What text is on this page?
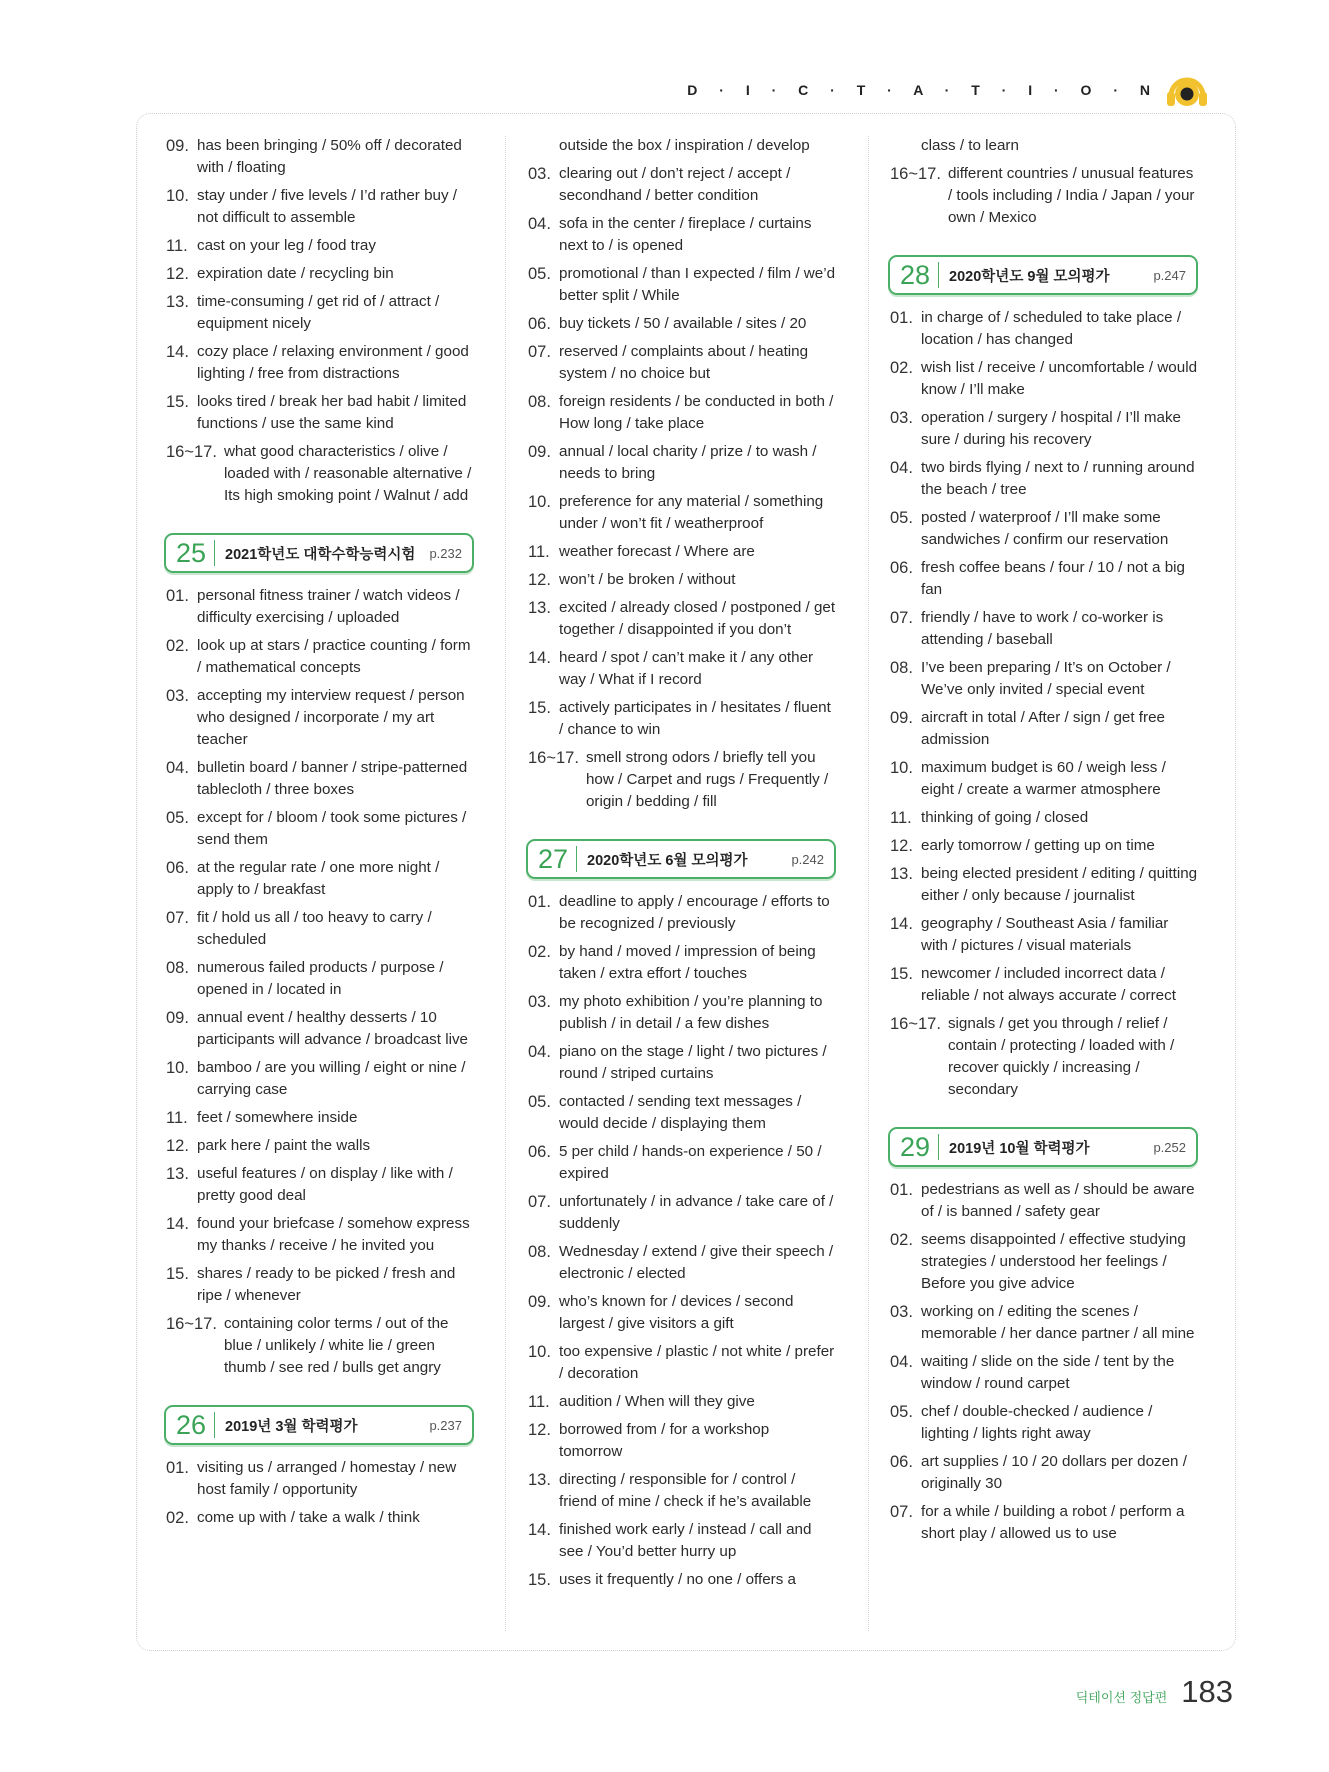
D · I · C · T · A · T · I · O · N
09. has been bringing / 50% off / decorated with / floating
10. stay under / five levels / I’d rather buy / not difficult to assemble
11. cast on your leg / food tray
12. expiration date / recycling bin
13. time-consuming / get rid of / attract / equipment nicely
14. cozy place / relaxing environment / good lighting / free from distractions
15. looks tired / break her bad habit / limited functions / use the same kind
16~17. what good characteristics / olive / loaded with / reasonable alternative / Its high smoking point / Walnut / add
25	2021학년도 대학수학능력시험	p.232
01. personal fitness trainer / watch videos / difficulty exercising / uploaded
02. look up at stars / practice counting / form / mathematical concepts
03. accepting my interview request / person who designed / incorporate / my art teacher
04. bulletin board / banner / stripe-patterned tablecloth / three boxes
05. except for / bloom / took some pictures / send them
06. at the regular rate / one more night / apply to / breakfast
07. fit / hold us all / too heavy to carry / scheduled
08. numerous failed products / purpose / opened in / located in
09. annual event / healthy desserts / 10 participants will advance / broadcast live
10. bamboo / are you willing / eight or nine / carrying case
11. feet / somewhere inside
12. park here / paint the walls
13. useful features / on display / like with / pretty good deal
14. found your briefcase / somehow express my thanks / receive / he invited you
15. shares / ready to be picked / fresh and ripe / whenever
16~17. containing color terms / out of the blue / unlikely / white lie / green thumb / see red / bulls get angry
26	2019년 3월 학력평가	p.237
01. visiting us / arranged / homestay / new host family / opportunity
02. come up with / take a walk / think
outside the box / inspiration / develop
03. clearing out / don’t reject / accept / secondhand / better condition
04. sofa in the center / fireplace / curtains next to / is opened
05. promotional / than I expected / film / we’d better split / While
06. buy tickets / 50 / available / sites / 20
07. reserved / complaints about / heating system / no choice but
08. foreign residents / be conducted in both / How long / take place
09. annual / local charity / prize / to wash / needs to bring
10. preference for any material / something under / won’t fit / weatherproof
11. weather forecast / Where are
12. won’t / be broken / without
13. excited / already closed / postponed / get together / disappointed if you don’t
14. heard / spot / can’t make it / any other way / What if I record
15. actively participates in / hesitates / fluent / chance to win
16~17. smell strong odors / briefly tell you how / Carpet and rugs / Frequently / origin / bedding / fill
27	2020학년도 6월 모의평가	p.242
01. deadline to apply / encourage / efforts to be recognized / previously
02. by hand / moved / impression of being taken / extra effort / touches
03. my photo exhibition / you’re planning to publish / in detail / a few dishes
04. piano on the stage / light / two pictures / round / striped curtains
05. contacted / sending text messages / would decide / displaying them
06. 5 per child / hands-on experience / 50 / expired
07. unfortunately / in advance / take care of / suddenly
08. Wednesday / extend / give their speech / electronic / elected
09. who’s known for / devices / second largest / give visitors a gift
10. too expensive / plastic / not white / prefer / decoration
11. audition / When will they give
12. borrowed from / for a workshop tomorrow
13. directing / responsible for / control / friend of mine / check if he’s available
14. finished work early / instead / call and see / You’d better hurry up
15. uses it frequently / no one / offers a
class / to learn
16~17. different countries / unusual features / tools including / India / Japan / your own / Mexico
28	2020학년도 9월 모의평가	p.247
01. in charge of / scheduled to take place / location / has changed
02. wish list / receive / uncomfortable / would know / I’ll make
03. operation / surgery / hospital / I’ll make sure / during his recovery
04. two birds flying / next to / running around the beach / tree
05. posted / waterproof / I’ll make some sandwiches / confirm our reservation
06. fresh coffee beans / four / 10 / not a big fan
07. friendly / have to work / co-worker is attending / baseball
08. I’ve been preparing / It’s on October / We’ve only invited / special event
09. aircraft in total / After / sign / get free admission
10. maximum budget is 60 / weigh less / eight / create a warmer atmosphere
11. thinking of going / closed
12. early tomorrow / getting up on time
13. being elected president / editing / quitting either / only because / journalist
14. geography / Southeast Asia / familiar with / pictures / visual materials
15. newcomer / included incorrect data / reliable / not always accurate / correct
16~17. signals / get you through / relief / contain / protecting / loaded with / recover quickly / increasing / secondary
29	2019년 10월 학력평가	p.252
01. pedestrians as well as / should be aware of / is banned / safety gear
02. seems disappointed / effective studying strategies / understood her feelings / Before you give advice
03. working on / editing the scenes / memorable / her dance partner / all mine
04. waiting / slide on the side / tent by the window / round carpet
05. chef / double-checked / audience / lighting / lights right away
06. art supplies / 10 / 20 dollars per dozen / originally 30
07. for a while / building a robot / perform a short play / allowed us to use
딕테이션 정답편 183
